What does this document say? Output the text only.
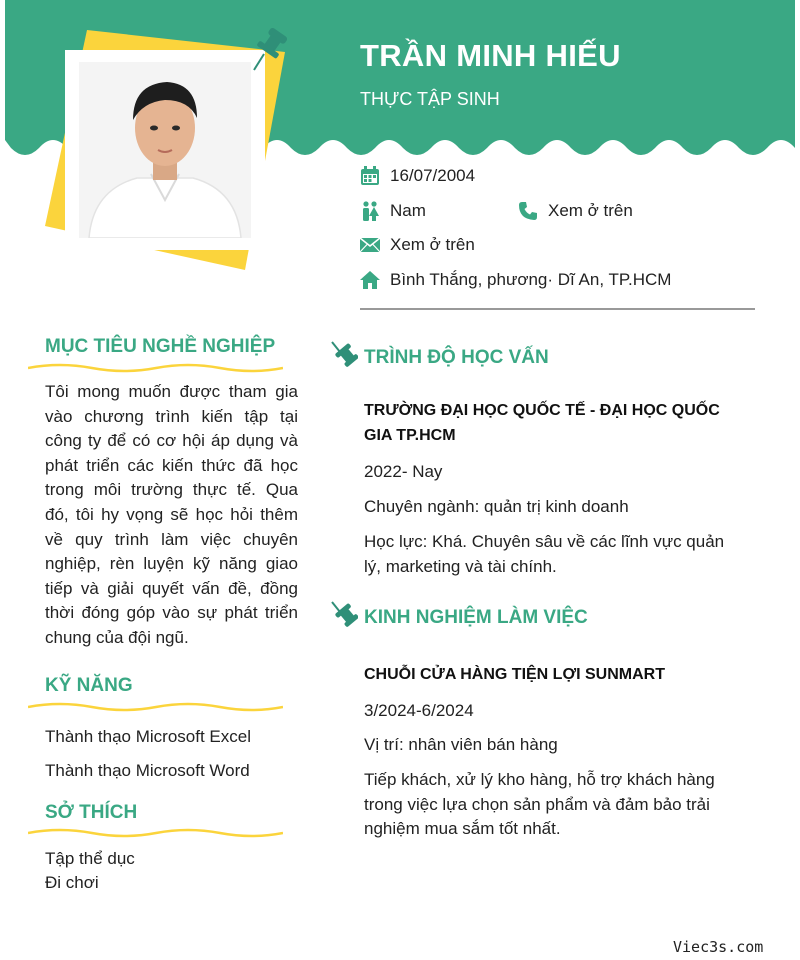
TRẦN MINH HIẾU
THỰC TẬP SINH
16/07/2004
Nam	Xem ở trên
Xem ở trên
Bình Thắng, phương· Dĩ An, TP.HCM
MỤC TIÊU NGHỀ NGHIỆP

Tôi mong muốn được tham gia vào chương trình kiến tập tại công ty để có cơ hội áp dụng và phát triển các kiến thức đã học trong môi trường thực tế. Qua đó, tôi hy vọng sẽ học hỏi thêm về quy trình làm việc chuyên nghiệp, rèn luyện kỹ năng giao tiếp và giải quyết vấn đề, đồng thời đóng góp vào sự phát triển chung của đội ngũ.

KỸ NĂNG
Thành thạo Microsoft Excel
Thành thạo Microsoft Word
SỞ THÍCH
Tập thể dục
Đi chơi
TRÌNH ĐỘ HỌC VẤN

TRƯỜNG ĐẠI HỌC QUỐC TẾ - ĐẠI HỌC QUỐC GIA TP.HCM

2022- Nay

Chuyên ngành: quản trị kinh doanh

Học lực: Khá. Chuyên sâu về các lĩnh vực quản lý, marketing và tài chính.

KINH NGHIỆM LÀM VIỆC

CHUỖI CỬA HÀNG TIỆN LỢI SUNMART

3/2024-6/2024

Vị trí: nhân viên bán hàng

Tiếp khách, xử lý kho hàng, hỗ trợ khách hàng trong việc lựa chọn sản phẩm và đảm bảo trải nghiệm mua sắm tốt nhất.

Viec3s.com
